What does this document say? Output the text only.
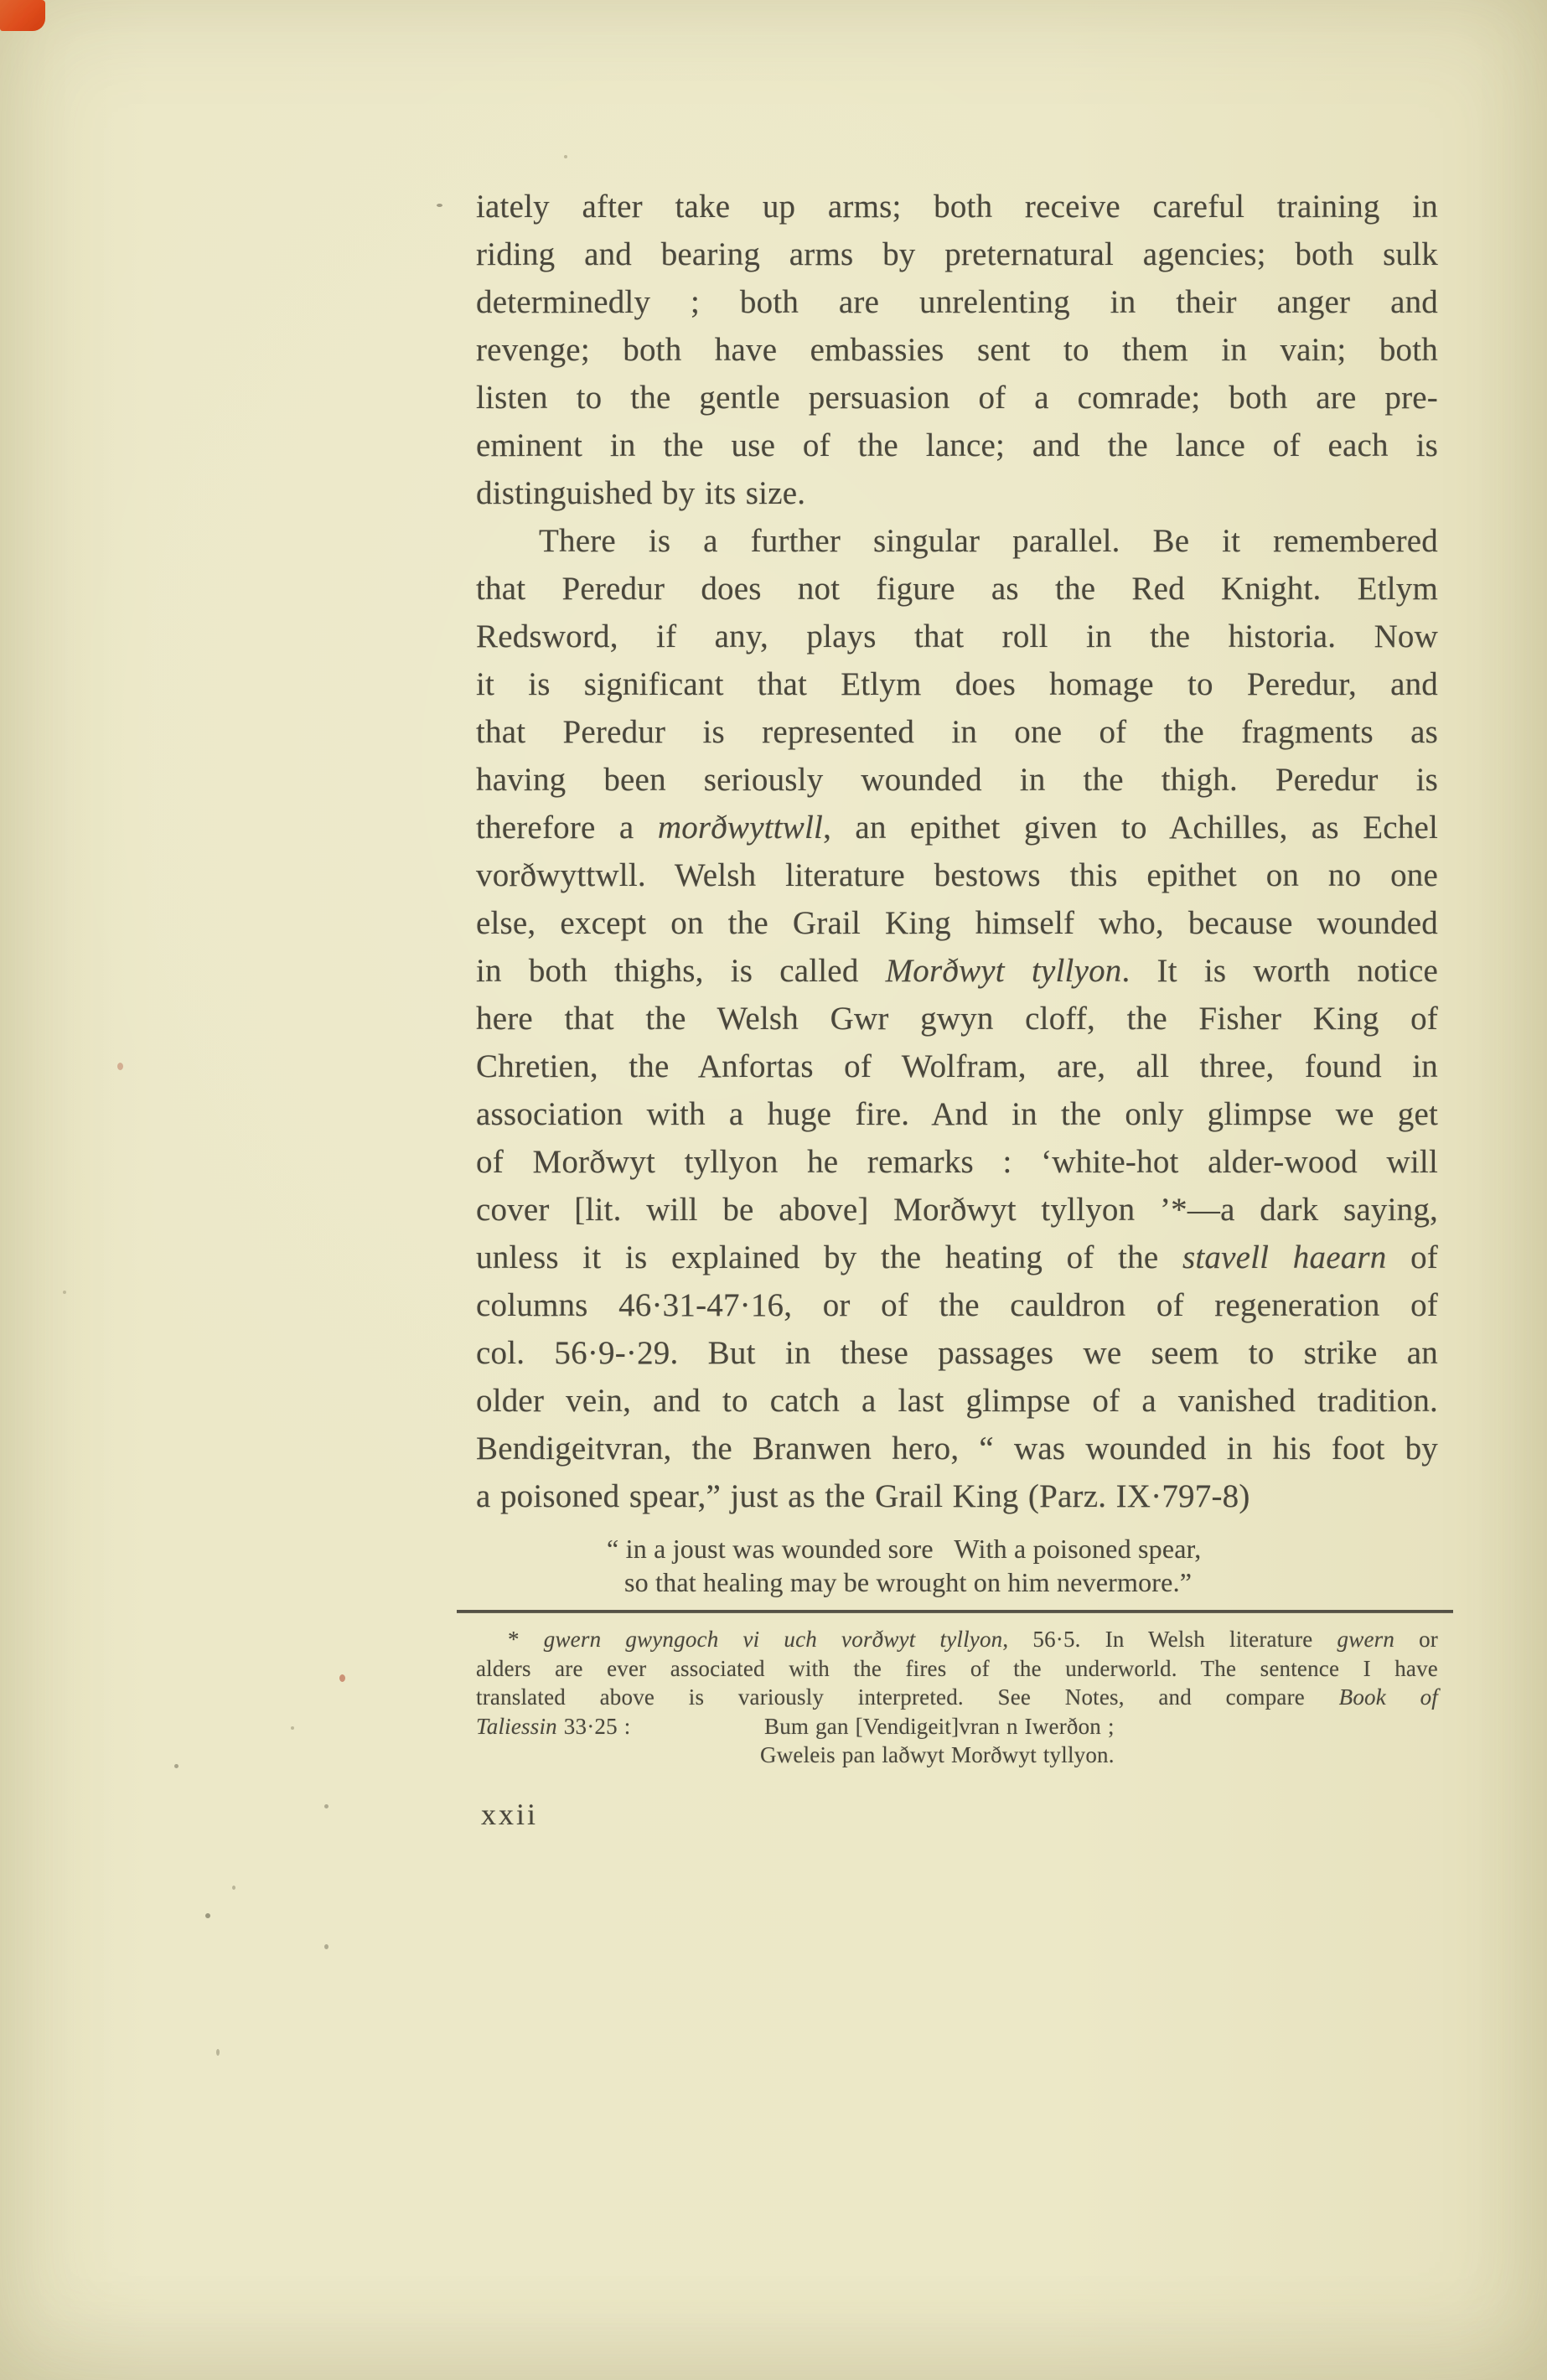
iately after take up arms; both receive careful training in
riding and bearing arms by preternatural agencies; both sulk
determinedly ; both are unrelenting in their anger and
revenge; both have embassies sent to them in vain; both
listen to the gentle persuasion of a comrade; both are pre-
eminent in the use of the lance; and the lance of each is
distinguished by its size.
There is a further singular parallel. Be it remembered
that Peredur does not figure as the Red Knight. Etlym
Redsword, if any, plays that roll in the historia. Now
it is significant that Etlym does homage to Peredur, and
that Peredur is represented in one of the fragments as
having been seriously wounded in the thigh. Peredur is
therefore a morðwyttwll, an epithet given to Achilles, as Echel
vorðwyttwll. Welsh literature bestows this epithet on no one
else, except on the Grail King himself who, because wounded
in both thighs, is called Morðwyt tyllyon. It is worth notice
here that the Welsh Gwr gwyn cloff, the Fisher King of
Chretien, the Anfortas of Wolfram, are, all three, found in
association with a huge fire. And in the only glimpse we get
of Morðwyt tyllyon he remarks : ‘white-hot alder-wood will
cover [lit. will be above] Morðwyt tyllyon ’*—a dark saying,
unless it is explained by the heating of the stavell haearn of
columns 46·31-47·16, or of the cauldron of regeneration of
col. 56·9-·29. But in these passages we seem to strike an
older vein, and to catch a last glimpse of a vanished tradition.
Bendigeitvran, the Branwen hero, “ was wounded in his foot by
a poisoned spear,” just as the Grail King (Parz. IX·797-8)
“ in a joust was wounded sore   With a poisoned spear,
so that healing may be wrought on him nevermore.”
* gwern gwyngoch vi uch vorðwyt tyllyon, 56·5. In Welsh literature gwern or
alders are ever associated with the fires of the underworld. The sentence I have
translated above is variously interpreted. See Notes, and compare Book of
Taliessin 33·25 :	Bum gan [Vendigeit]vran n Iwerðon ;
Gweleis pan laðwyt Morðwyt tyllyon.
xxii
